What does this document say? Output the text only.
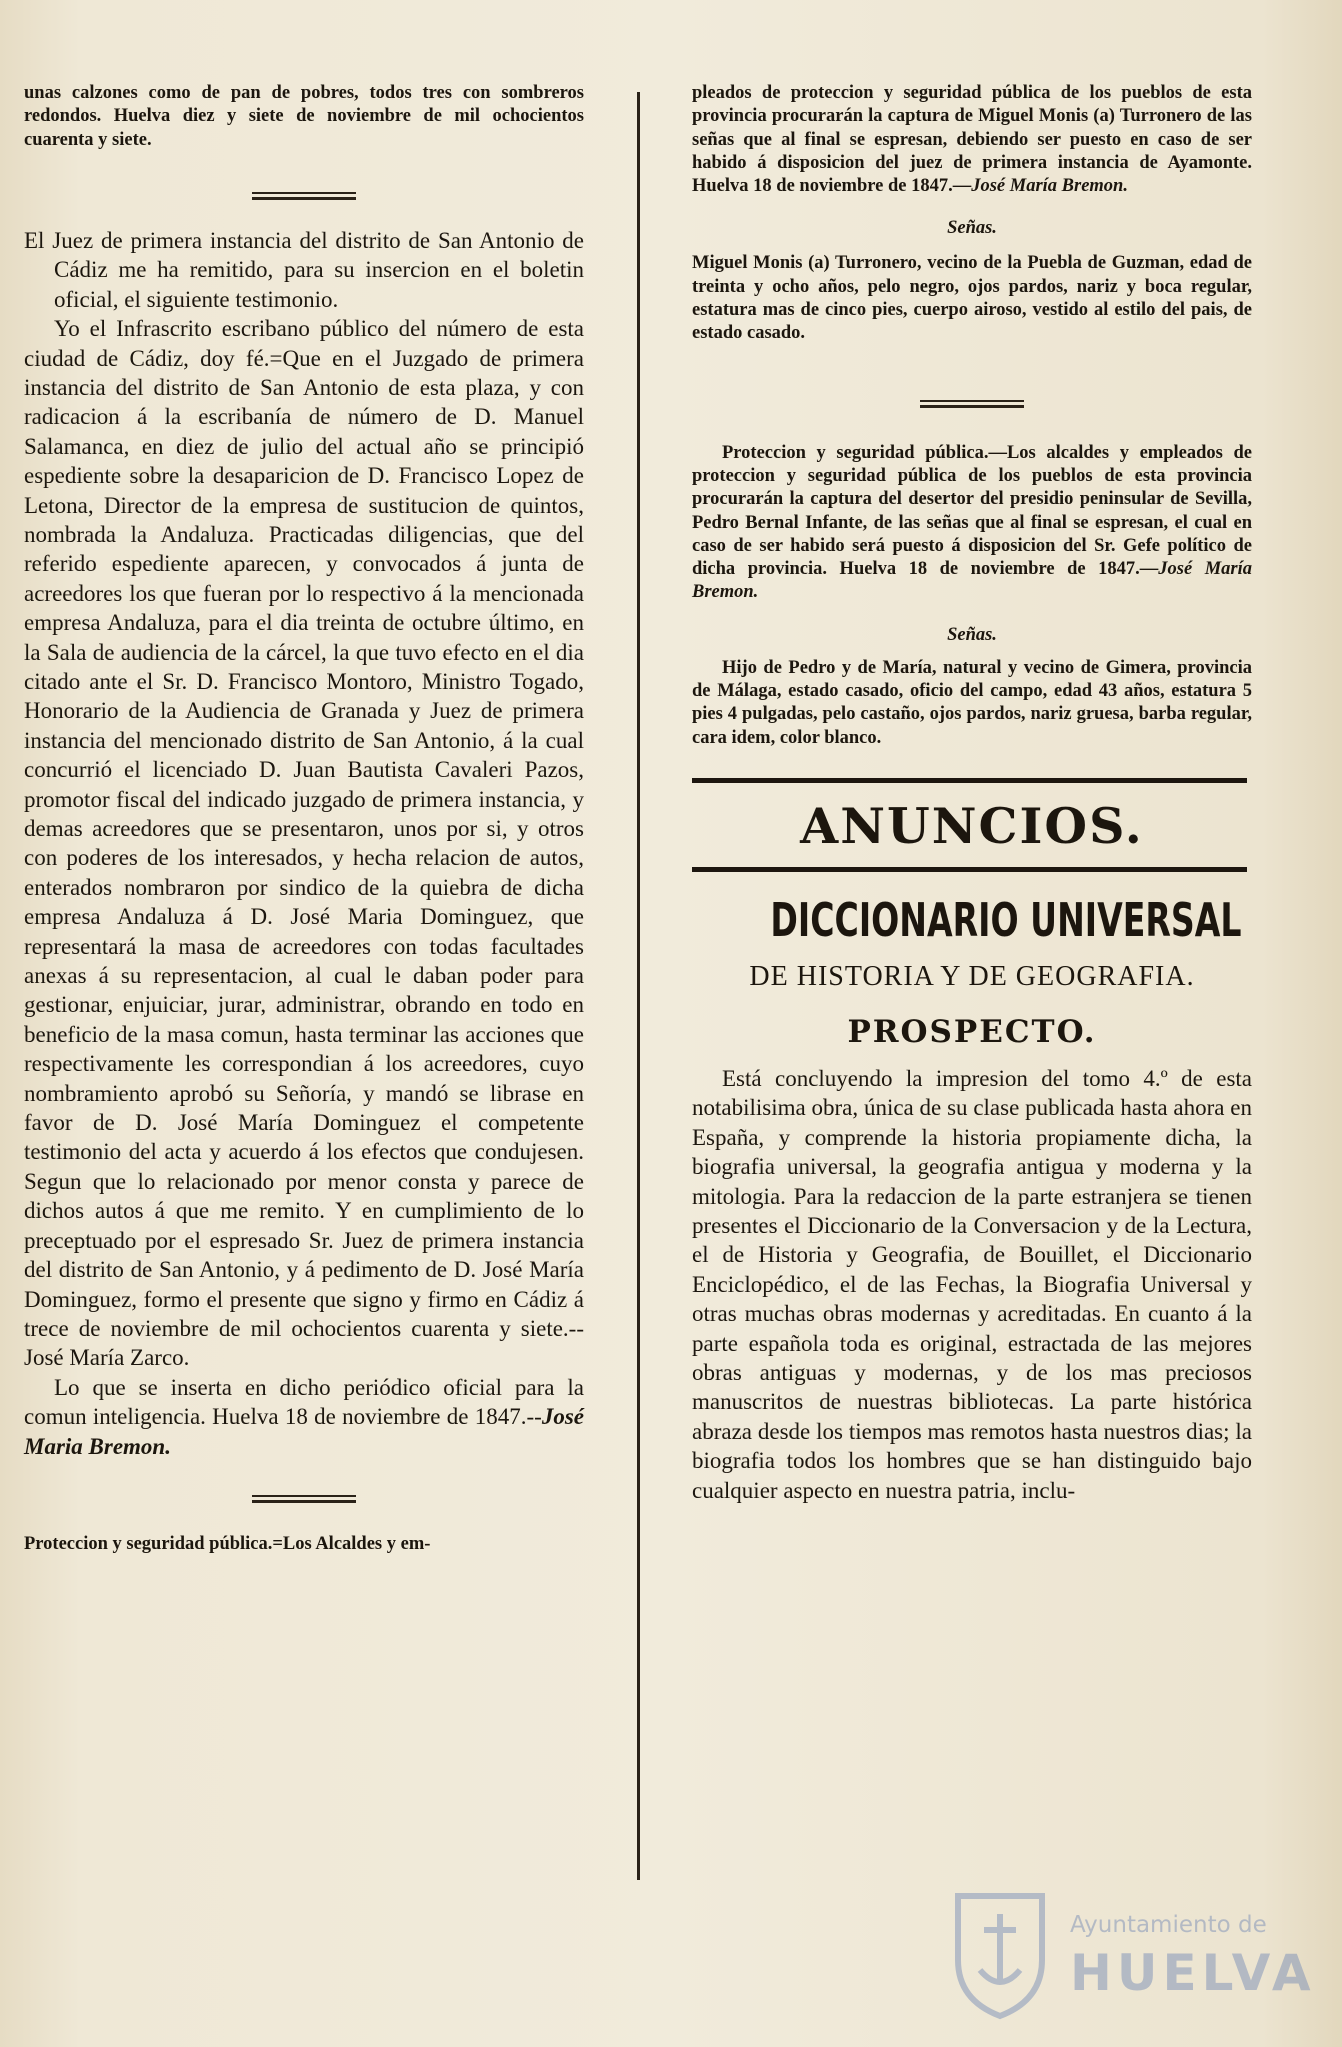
unas calzones como de pan de pobres, todos tres con sombreros redondos. Huelva diez y siete de noviembre de mil ochocientos cuarenta y siete.

El Juez de primera instancia del distrito de San Antonio de Cádiz me ha remitido, para su insercion en el boletin oficial, el siguiente testimonio.

Yo el Infrascrito escribano público del número de esta ciudad de Cádiz, doy fé.=Que en el Juzgado de primera instancia del distrito de San Antonio de esta plaza, y con radicacion á la escribanía de número de D. Manuel Salamanca, en diez de julio del actual año se principió espediente sobre la desaparicion de D. Francisco Lopez de Letona, Director de la empresa de sustitucion de quintos, nombrada la Andaluza. Practicadas diligencias, que del referido espediente aparecen, y convocados á junta de acreedores los que fueran por lo respectivo á la mencionada empresa Andaluza, para el dia treinta de octubre último, en la Sala de audiencia de la cárcel, la que tuvo efecto en el dia citado ante el Sr. D. Francisco Montoro, Ministro Togado, Honorario de la Audiencia de Granada y Juez de primera instancia del mencionado distrito de San Antonio, á la cual concurrió el licenciado D. Juan Bautista Cavaleri Pazos, promotor fiscal del indicado juzgado de primera instancia, y demas acreedores que se presentaron, unos por si, y otros con poderes de los interesados, y hecha relacion de autos, enterados nombraron por sindico de la quiebra de dicha empresa Andaluza á D. José Maria Dominguez, que representará la masa de acreedores con todas facultades anexas á su representacion, al cual le daban poder para gestionar, enjuiciar, jurar, administrar, obrando en todo en beneficio de la masa comun, hasta terminar las acciones que respectivamente les correspondian á los acreedores, cuyo nombramiento aprobó su Señoría, y mandó se librase en favor de D. José María Dominguez el competente testimonio del acta y acuerdo á los efectos que condujesen. Segun que lo relacionado por menor consta y parece de dichos autos á que me remito. Y en cumplimiento de lo preceptuado por el espresado Sr. Juez de primera instancia del distrito de San Antonio, y á pedimento de D. José María Dominguez, formo el presente que signo y firmo en Cádiz á trece de noviembre de mil ochocientos cuarenta y siete.--José María Zarco.

Lo que se inserta en dicho periódico oficial para la comun inteligencia. Huelva 18 de noviembre de 1847.--José Maria Bremon.

Proteccion y seguridad pública.=Los Alcaldes y em-

pleados de proteccion y seguridad pública de los pueblos de esta provincia procurarán la captura de Miguel Monis (a) Turronero de las señas que al final se espresan, debiendo ser puesto en caso de ser habido á disposicion del juez de primera instancia de Ayamonte. Huelva 18 de noviembre de 1847.—José María Bremon.

Señas.

Miguel Monis (a) Turronero, vecino de la Puebla de Guzman, edad de treinta y ocho años, pelo negro, ojos pardos, nariz y boca regular, estatura mas de cinco pies, cuerpo airoso, vestido al estilo del pais, de estado casado.

Proteccion y seguridad pública.—Los alcaldes y empleados de proteccion y seguridad pública de los pueblos de esta provincia procurarán la captura del desertor del presidio peninsular de Sevilla, Pedro Bernal Infante, de las señas que al final se espresan, el cual en caso de ser habido será puesto á disposicion del Sr. Gefe político de dicha provincia. Huelva 18 de noviembre de 1847.—José María Bremon.

Señas.

Hijo de Pedro y de María, natural y vecino de Gimera, provincia de Málaga, estado casado, oficio del campo, edad 43 años, estatura 5 pies 4 pulgadas, pelo castaño, ojos pardos, nariz gruesa, barba regular, cara idem, color blanco.

ANUNCIOS.
DICCIONARIO UNIVERSAL
DE HISTORIA Y DE GEOGRAFIA.
PROSPECTO.

Está concluyendo la impresion del tomo 4.º de esta notabilisima obra, única de su clase publicada hasta ahora en España, y comprende la historia propiamente dicha, la biografia universal, la geografia antigua y moderna y la mitologia. Para la redaccion de la parte estranjera se tienen presentes el Diccionario de la Conversacion y de la Lectura, el de Historia y Geografia, de Bouillet, el Diccionario Enciclopédico, el de las Fechas, la Biografia Universal y otras muchas obras modernas y acreditadas. En cuanto á la parte española toda es original, estractada de las mejores obras antiguas y modernas, y de los mas preciosos manuscritos de nuestras bibliotecas. La parte histórica abraza desde los tiempos mas remotos hasta nuestros dias; la biografia todos los hombres que se han distinguido bajo cualquier aspecto en nuestra patria, inclu-

Ayuntamiento de
HUELVA
